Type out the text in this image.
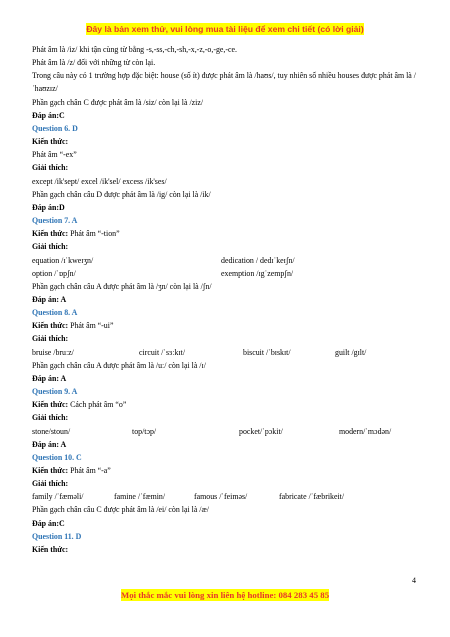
Đây là bản xem thử, vui lòng mua tài liệu để xem chi tiết (có lời giải)

Phát âm là /iz/ khi tận cùng từ bằng -s,-ss,-ch,-sh,-x,-z,-o,-ge,-ce.

Phát âm là /z/ đối với những từ còn lại.

Trong câu này có 1 trường hợp đặc biệt: house (số ít) được phát âm là /haʊs/, tuy nhiên số nhiều houses được phát âm là /ˈhaʊzɪz/

Phần gạch chân C được phát âm là /siz/ còn lại là /ziz/

Đáp án:C

Question 6. D

Kiến thức:

Phát âm “-ex”

Giải thích:

except /ik'sept/ excel /ik'sel/ excess /ik'ses/

Phần gạch chân câu D được phát âm là /ig/ còn lại là /ik/

Đáp án:D

Question 7. A

Kiến thức: Phát âm “-tion”

Giải thích:

equation /ɪˈkweɪʒn/	dedication / dedɪˈkeɪʃn/
option /ˈɒpʃn/	exemption /ɪgˈzempʃn/

Phần gạch chân câu A được phát âm là /ʒn/ còn lại là /ʃn/

Đáp án: A

Question 8. A

Kiến thức: Phát âm “-ui”

Giải thích:

bruise /bruːz/	circuit /ˈsɜːkɪt/	biscuit /ˈbɪskɪt/	guilt /gɪlt/

Phần gạch chân câu A được phát âm là /uː/ còn lại là /ɪ/

Đáp án: A

Question 9. A

Kiến thức: Cách phát âm “o”

Giải thích:

stone/stoun/	top/tɔp/	pocket/ˈpɔkit/	modern/ˈmɔdən/

Đáp án: A

Question 10. C

Kiến thức: Phát âm “-a”

Giải thích:

family /ˈfæməli/	famine /ˈfæmin/	famous /ˈfeiməs/	fabricate /ˈfæbrikeit/

Phần gạch chân câu C được phát âm là /ei/ còn lại là /æ/

Đáp án:C

Question 11. D

Kiến thức:

4
Mọi thắc mắc vui lòng xin liên hệ hotline: 084 283 45 85
